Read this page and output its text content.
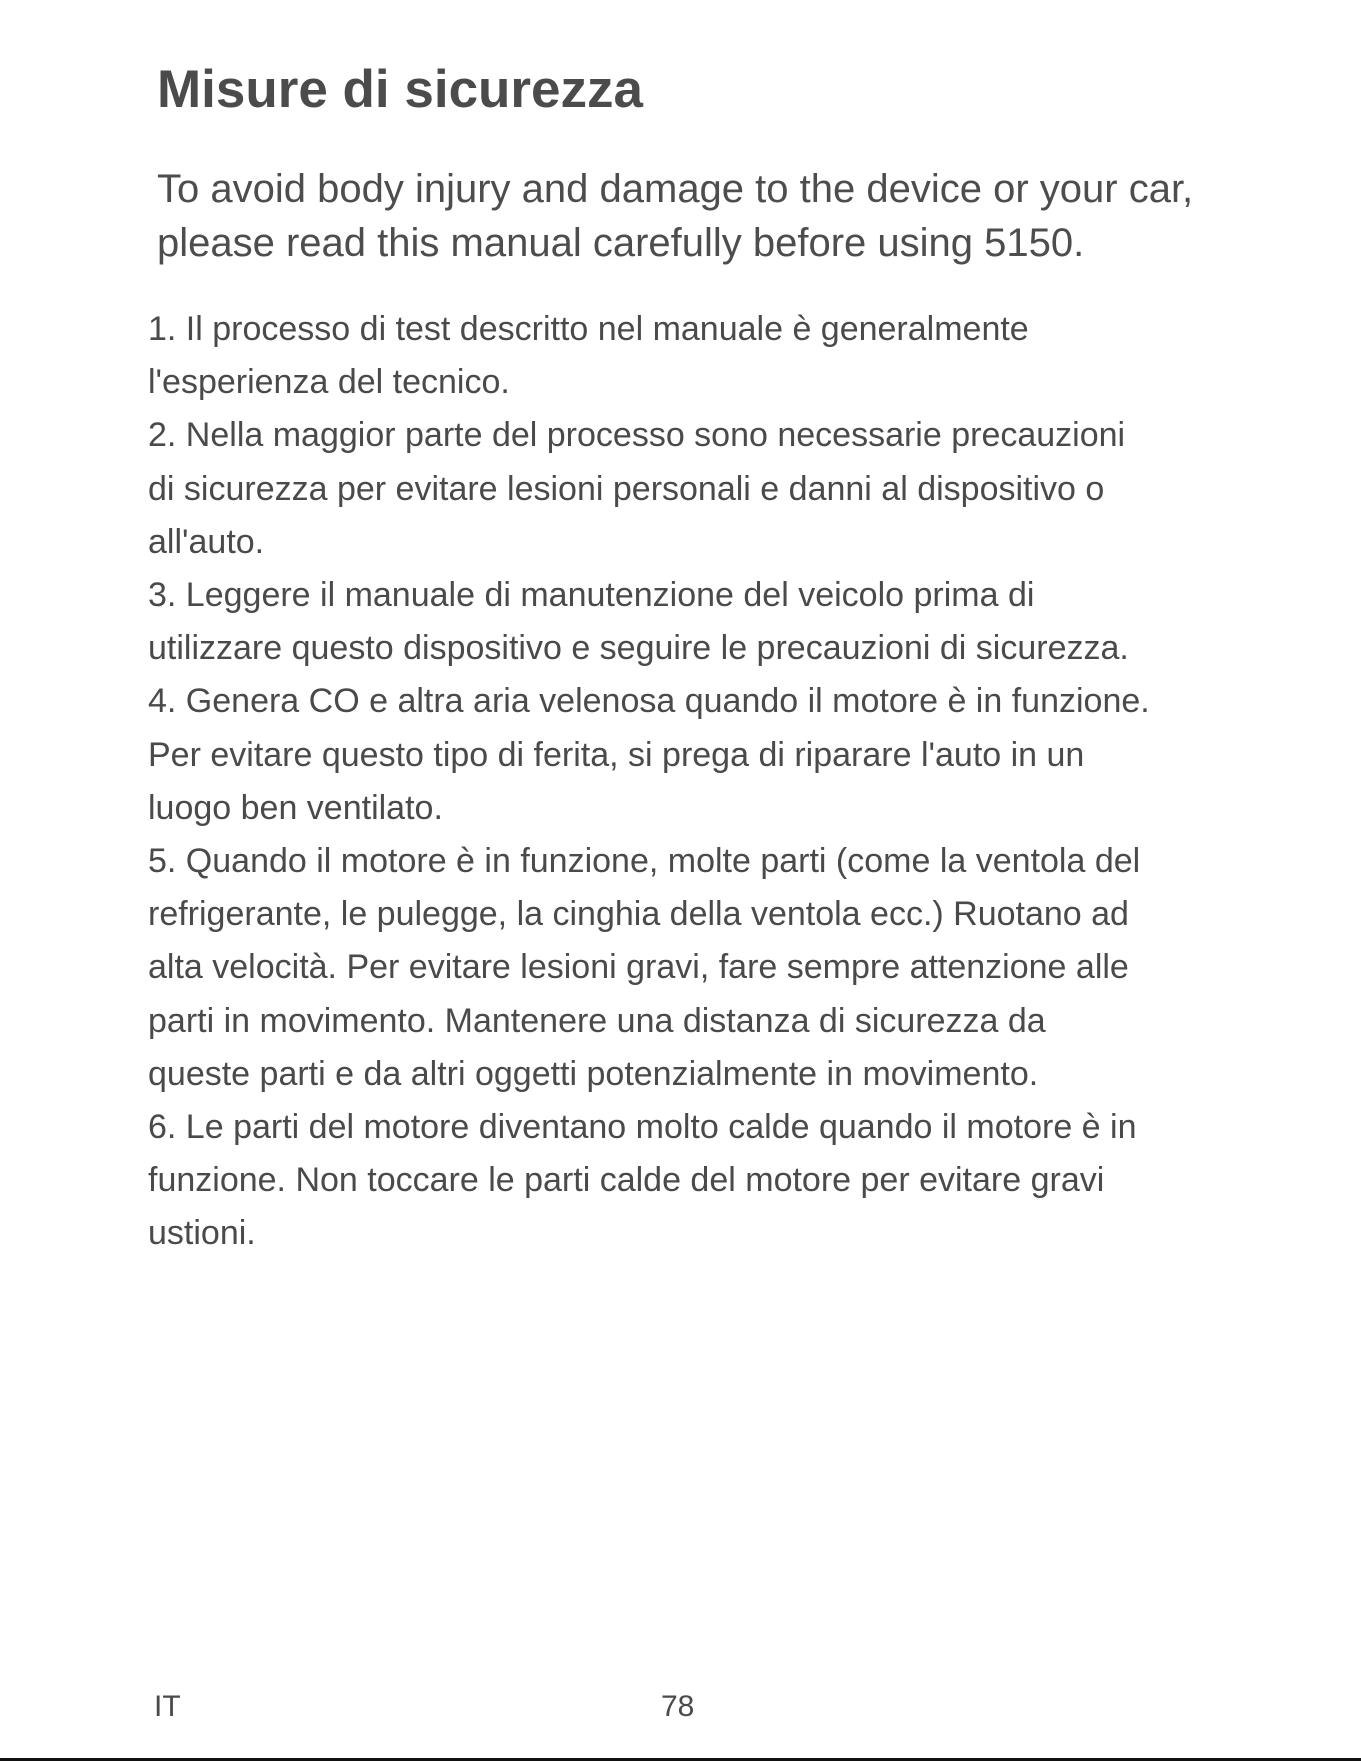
Misure di sicurezza

To avoid body injury and damage to the device or your car,
please read this manual carefully before using 5150.

1. Il processo di test descritto nel manuale è generalmente
l'esperienza del tecnico.
2. Nella maggior parte del processo sono necessarie precauzioni
di sicurezza per evitare lesioni personali e danni al dispositivo o
all'auto.
3. Leggere il manuale di manutenzione del veicolo prima di
utilizzare questo dispositivo e seguire le precauzioni di sicurezza.
4. Genera CO e altra aria velenosa quando il motore è in funzione.
Per evitare questo tipo di ferita, si prega di riparare l'auto in un
luogo ben ventilato.
5. Quando il motore è in funzione, molte parti (come la ventola del
refrigerante, le pulegge, la cinghia della ventola ecc.) Ruotano ad
alta velocità. Per evitare lesioni gravi, fare sempre attenzione alle
parti in movimento. Mantenere una distanza di sicurezza da
queste parti e da altri oggetti potenzialmente in movimento.
6. Le parti del motore diventano molto calde quando il motore è in
funzione. Non toccare le parti calde del motore per evitare gravi
ustioni.
IT	78
